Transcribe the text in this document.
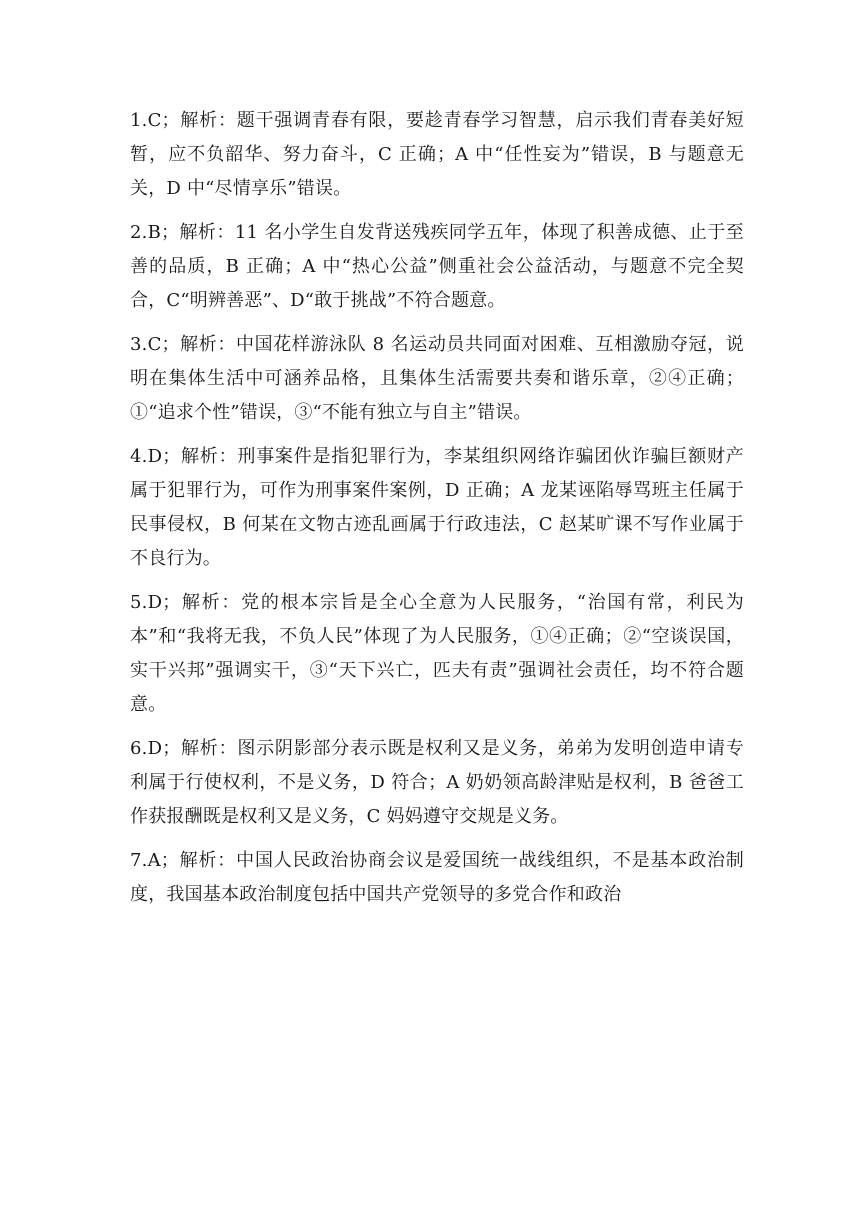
1.C；解析：题干强调青春有限，要趁青春学习智慧，启示我们青春美好短暂，应不负韶华、努力奋斗，C 正确；A 中“任性妄为”错误，B 与题意无关，D 中“尽情享乐”错误。

2.B；解析：11 名小学生自发背送残疾同学五年，体现了积善成德、止于至善的品质，B 正确；A 中“热心公益”侧重社会公益活动，与题意不完全契合，C“明辨善恶”、D“敢于挑战”不符合题意。

3.C；解析：中国花样游泳队 8 名运动员共同面对困难、互相激励夺冠，说明在集体生活中可涵养品格，且集体生活需要共奏和谐乐章，②④正确；①“追求个性”错误，③“不能有独立与自主”错误。

4.D；解析：刑事案件是指犯罪行为，李某组织网络诈骗团伙诈骗巨额财产属于犯罪行为，可作为刑事案件案例，D 正确；A 龙某诬陷辱骂班主任属于民事侵权，B 何某在文物古迹乱画属于行政违法，C 赵某旷课不写作业属于不良行为。

5.D；解析：党的根本宗旨是全心全意为人民服务，“治国有常，利民为本”和“我将无我，不负人民”体现了为人民服务，①④正确；②“空谈误国，实干兴邦”强调实干，③“天下兴亡，匹夫有责”强调社会责任，均不符合题意。

6.D；解析：图示阴影部分表示既是权利又是义务，弟弟为发明创造申请专利属于行使权利，不是义务，D 符合；A 奶奶领高龄津贴是权利，B 爸爸工作获报酬既是权利又是义务，C 妈妈遵守交规是义务。

7.A；解析：中国人民政治协商会议是爱国统一战线组织，不是基本政治制度，我国基本政治制度包括中国共产党领导的多党合作和政治
